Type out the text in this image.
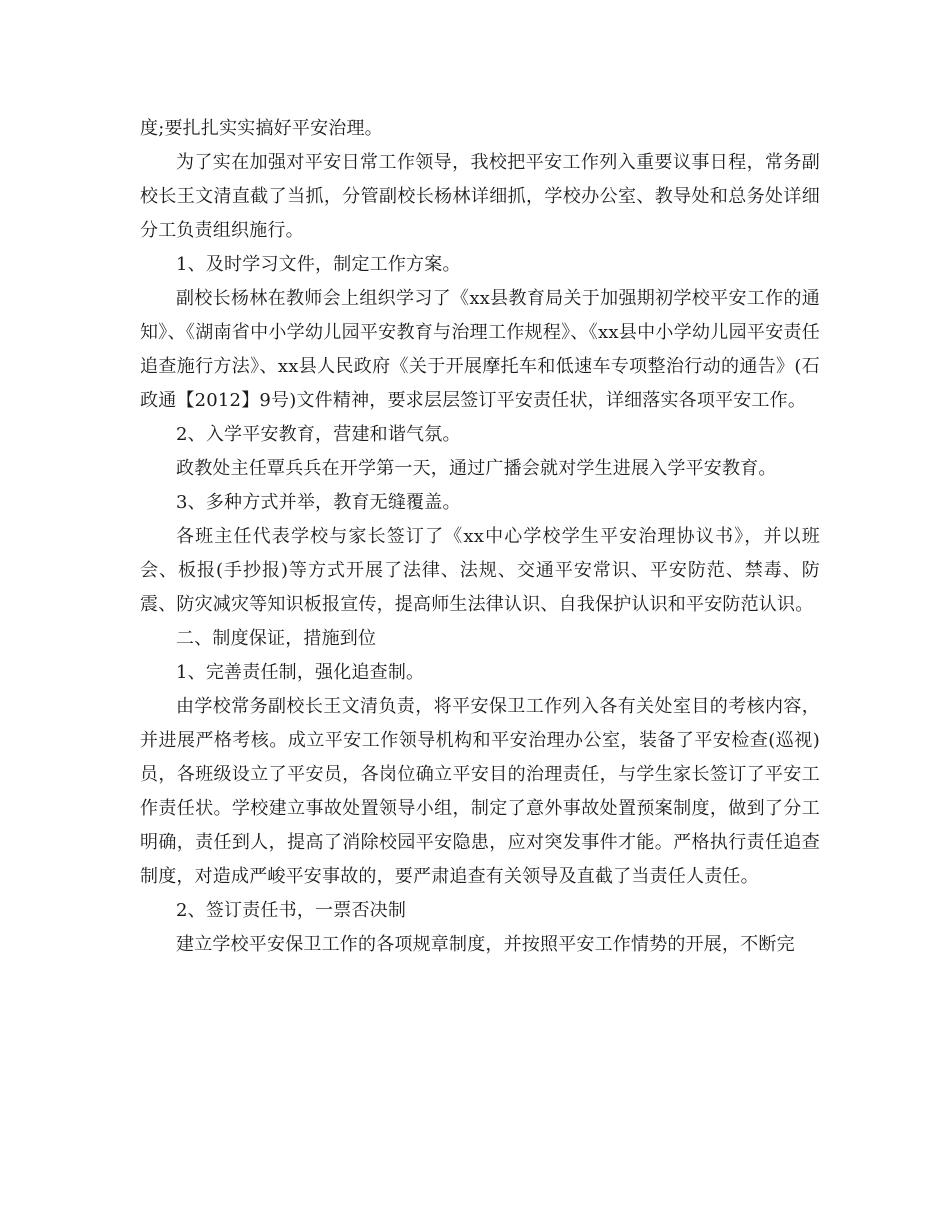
度;要扎扎实实搞好平安治理。

为了实在加强对平安日常工作领导，我校把平安工作列入重要议事日程，常务副校长王文清直截了当抓，分管副校长杨林详细抓，学校办公室、教导处和总务处详细分工负责组织施行。

1、及时学习文件，制定工作方案。

副校长杨林在教师会上组织学习了《xx县教育局关于加强期初学校平安工作的通知》、《湖南省中小学幼儿园平安教育与治理工作规程》、《xx县中小学幼儿园平安责任追查施行方法》、xx县人民政府《关于开展摩托车和低速车专项整治行动的通告》(石政通【2012】9号)文件精神，要求层层签订平安责任状，详细落实各项平安工作。

2、入学平安教育，营建和谐气氛。

政教处主任覃兵兵在开学第一天，通过广播会就对学生进展入学平安教育。

3、多种方式并举，教育无缝覆盖。

各班主任代表学校与家长签订了《xx中心学校学生平安治理协议书》，并以班会、板报(手抄报)等方式开展了法律、法规、交通平安常识、平安防范、禁毒、防震、防灾减灾等知识板报宣传，提高师生法律认识、自我保护认识和平安防范认识。

二、制度保证，措施到位

1、完善责任制，强化追查制。

由学校常务副校长王文清负责，将平安保卫工作列入各有关处室目的考核内容，并进展严格考核。成立平安工作领导机构和平安治理办公室，装备了平安检查(巡视)员，各班级设立了平安员，各岗位确立平安目的治理责任，与学生家长签订了平安工作责任状。学校建立事故处置领导小组，制定了意外事故处置预案制度，做到了分工明确，责任到人，提高了消除校园平安隐患，应对突发事件才能。严格执行责任追查制度，对造成严峻平安事故的，要严肃追查有关领导及直截了当责任人责任。

2、签订责任书，一票否决制

建立学校平安保卫工作的各项规章制度，并按照平安工作情势的开展，不断完
